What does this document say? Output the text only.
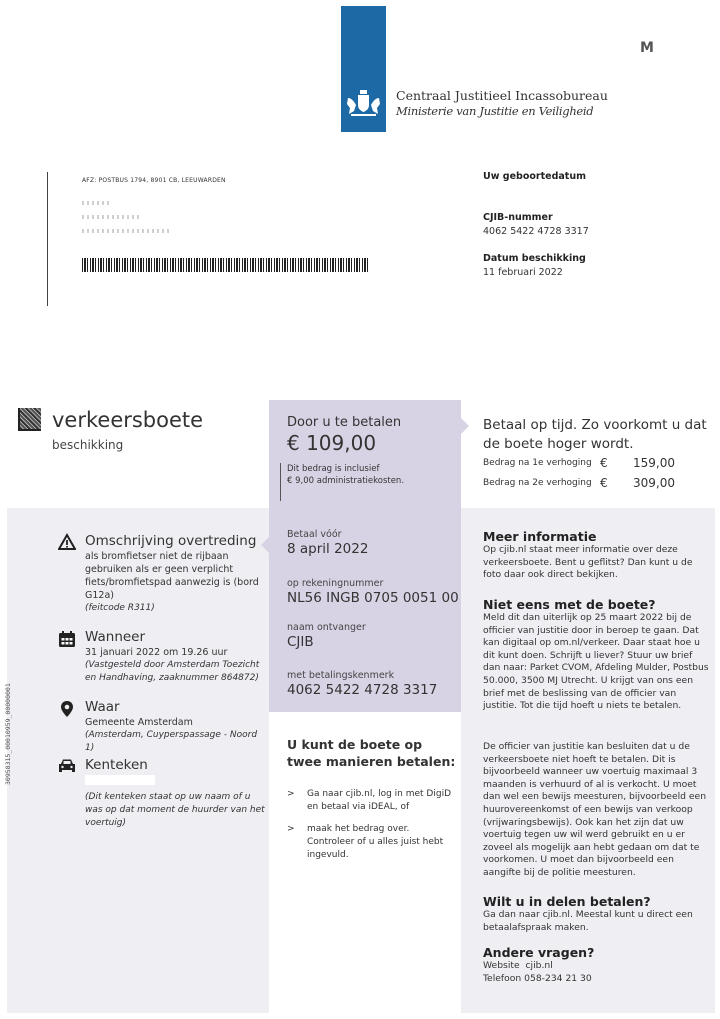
Centraal Justitieel Incassobureau
Ministerie van Justitie en Veiligheid
M
AFZ: POSTBUS 1794, 8901 CB, LEEUWARDEN	Uw geboortedatum
CJIB-nummer
4062 5422 4728 3317
Datum beschikking
11 februari 2022
verkeersboete
beschikking
Door u te betalen
€ 109,00
Dit bedrag is inclusief
€ 9,00 administratiekosten.
Betaal vóór
8 april 2022
op rekeningnummer
NL56 INGB 0705 0051 00
naam ontvanger
CJIB
met betalingskenmerk
4062 5422 4728 3317
Betaal op tijd. Zo voorkomt u dat de boete hoger wordt.
Bedrag na 1e verhoging € 159,00
Bedrag na 2e verhoging € 309,00
Omschrijving overtreding
als bromfietser niet de rijbaan gebruiken als er geen verplicht fiets/bromfietspad aanwezig is (bord G12a)
(feitcode R311)
Wanneer
31 januari 2022 om 19.26 uur
(Vastgesteld door Amsterdam Toezicht en Handhaving, zaaknummer 864872)
Waar
Gemeente Amsterdam
(Amsterdam, Cuyperspassage - Noord 1)
Kenteken
(Dit kenteken staat op uw naam of u was op dat moment de huurder van het voertuig)
30958315_00010959_00000001	U kunt de boete op twee manieren betalen:
> Ga naar cjib.nl, log in met DigiD en betaal via iDEAL, of
> maak het bedrag over. Controleer of u alles juist hebt ingevuld.
Meer informatie
Op cjib.nl staat meer informatie over deze verkeersboete. Bent u geflitst? Dan kunt u de foto daar ook direct bekijken.
Niet eens met de boete?
Meld dit dan uiterlijk op 25 maart 2022 bij de officier van justitie door in beroep te gaan. Dat kan digitaal op om.nl/verkeer. Daar staat hoe u dit kunt doen. Schrijft u liever? Stuur uw brief dan naar: Parket CVOM, Afdeling Mulder, Postbus 50.000, 3500 MJ Utrecht. U krijgt van ons een brief met de beslissing van de officier van justitie. Tot die tijd hoeft u niets te betalen.
De officier van justitie kan besluiten dat u de verkeersboete niet hoeft te betalen. Dit is bijvoorbeeld wanneer uw voertuig maximaal 3 maanden is verhuurd of al is verkocht. U moet dan wel een bewijs meesturen, bijvoorbeeld een huurovereenkomst of een bewijs van verkoop (vrijwaringsbewijs). Ook kan het zijn dat uw voertuig tegen uw wil werd gebruikt en u er zoveel als mogelijk aan hebt gedaan om dat te voorkomen. U moet dan bijvoorbeeld een aangifte bij de politie meesturen.
Wilt u in delen betalen?
Ga dan naar cjib.nl. Meestal kunt u direct een betaalafspraak maken.
Andere vragen?
Website cjib.nl
Telefoon 058-234 21 30
